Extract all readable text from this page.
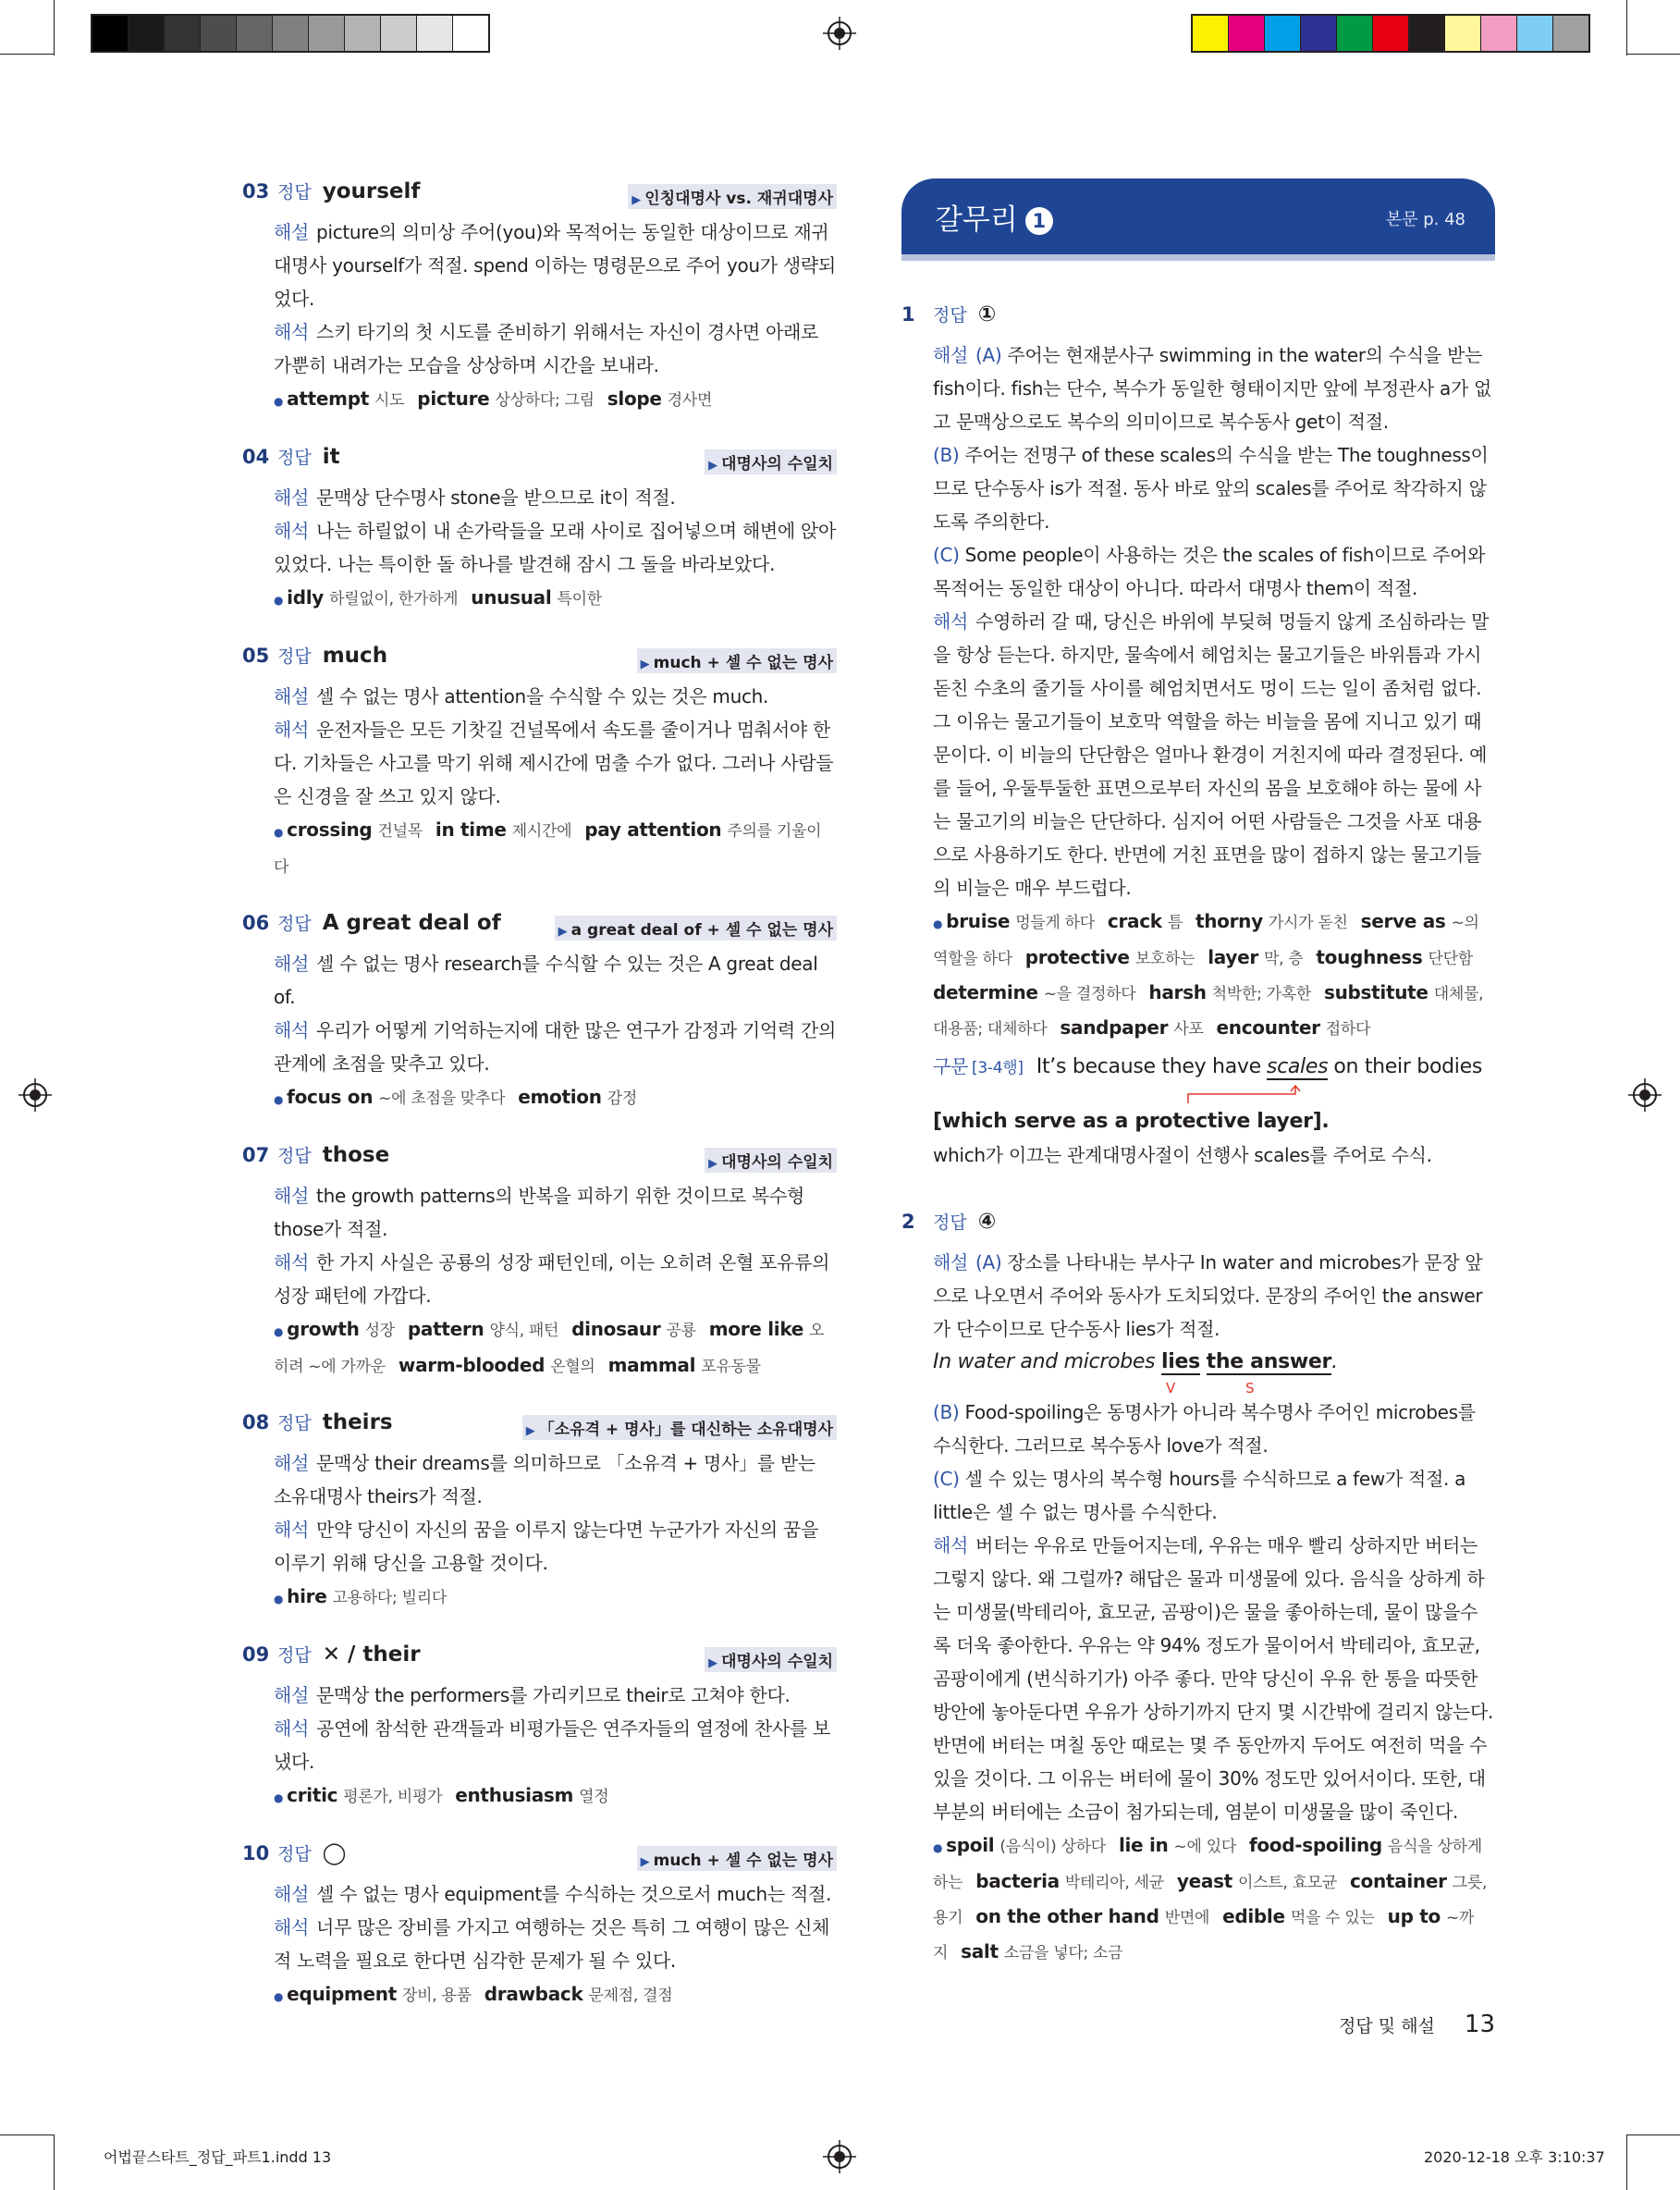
어법끝스타트_정답_파트1.indd 13	2020-12-18 오후 3:10:37
03 정답 yourself	▶ 인칭대명사 vs. 재귀대명사

해설 picture의 의미상 주어(you)와 목적어는 동일한 대상이므로 재귀대명사 yourself가 적절. spend 이하는 명령문으로 주어 you가 생략되었다.

해석 스키 타기의 첫 시도를 준비하기 위해서는 자신이 경사면 아래로 가뿐히 내려가는 모습을 상상하며 시간을 보내라.

● attempt 시도 picture 상상하다; 그림 slope 경사면
04 정답 it	▶ 대명사의 수일치

해설 문맥상 단수명사 stone을 받으므로 it이 적절.

해석 나는 하릴없이 내 손가락들을 모래 사이로 집어넣으며 해변에 앉아 있었다. 나는 특이한 돌 하나를 발견해 잠시 그 돌을 바라보았다.

● idly 하릴없이, 한가하게 unusual 특이한
05 정답 much	▶ much + 셀 수 없는 명사

해설 셀 수 없는 명사 attention을 수식할 수 있는 것은 much.

해석 운전자들은 모든 기찻길 건널목에서 속도를 줄이거나 멈춰서야 한다. 기차들은 사고를 막기 위해 제시간에 멈출 수가 없다. 그러나 사람들은 신경을 잘 쓰고 있지 않다.

● crossing 건널목 in time 제시간에 pay attention 주의를 기울이다
06 정답 A great deal of	▶ a great deal of + 셀 수 없는 명사

해설 셀 수 없는 명사 research를 수식할 수 있는 것은 A great deal of.

해석 우리가 어떻게 기억하는지에 대한 많은 연구가 감정과 기억력 간의 관계에 초점을 맞추고 있다.

● focus on ~에 초점을 맞추다 emotion 감정
07 정답 those	▶ 대명사의 수일치

해설 the growth patterns의 반복을 피하기 위한 것이므로 복수형 those가 적절.

해석 한 가지 사실은 공룡의 성장 패턴인데, 이는 오히려 온혈 포유류의 성장 패턴에 가깝다.

● growth 성장 pattern 양식, 패턴 dinosaur 공룡 more like 오히려 ~에 가까운 warm-blooded 온혈의 mammal 포유동물
08 정답 theirs	▶ 「소유격 + 명사」를 대신하는 소유대명사

해설 문맥상 their dreams를 의미하므로 「소유격 + 명사」를 받는 소유대명사 theirs가 적절.

해석 만약 당신이 자신의 꿈을 이루지 않는다면 누군가가 자신의 꿈을 이루기 위해 당신을 고용할 것이다.

● hire 고용하다; 빌리다
09 정답 ✕ / their	▶ 대명사의 수일치

해설 문맥상 the performers를 가리키므로 their로 고쳐야 한다.

해석 공연에 참석한 관객들과 비평가들은 연주자들의 열정에 찬사를 보냈다.

● critic 평론가, 비평가 enthusiasm 열정
10 정답 ◯	▶ much + 셀 수 없는 명사

해설 셀 수 없는 명사 equipment를 수식하는 것으로서 much는 적절.

해석 너무 많은 장비를 가지고 여행하는 것은 특히 그 여행이 많은 신체적 노력을 필요로 한다면 심각한 문제가 될 수 있다.

● equipment 장비, 용품 drawback 문제점, 결점
갈무리 1	본문 p. 48
1	정답 ①

해설 (A) 주어는 현재분사구 swimming in the water의 수식을 받는 fish이다. fish는 단수, 복수가 동일한 형태이지만 앞에 부정관사 a가 없고 문맥상으로도 복수의 의미이므로 복수동사 get이 적절.

(B) 주어는 전명구 of these scales의 수식을 받는 The toughness이므로 단수동사 is가 적절. 동사 바로 앞의 scales를 주어로 착각하지 않도록 주의한다.

(C) Some people이 사용하는 것은 the scales of fish이므로 주어와 목적어는 동일한 대상이 아니다. 따라서 대명사 them이 적절.

해석 수영하러 갈 때, 당신은 바위에 부딪혀 멍들지 않게 조심하라는 말을 항상 듣는다. 하지만, 물속에서 헤엄치는 물고기들은 바위틈과 가시 돋친 수초의 줄기들 사이를 헤엄치면서도 멍이 드는 일이 좀처럼 없다. 그 이유는 물고기들이 보호막 역할을 하는 비늘을 몸에 지니고 있기 때문이다. 이 비늘의 단단함은 얼마나 환경이 거친지에 따라 결정된다. 예를 들어, 우둘투둘한 표면으로부터 자신의 몸을 보호해야 하는 물에 사는 물고기의 비늘은 단단하다. 심지어 어떤 사람들은 그것을 사포 대용으로 사용하기도 한다. 반면에 거친 표면을 많이 접하지 않는 물고기들의 비늘은 매우 부드럽다.

● bruise 멍들게 하다 crack 틈 thorny 가시가 돋친 serve as ~의 역할을 하다 protective 보호하는 layer 막, 층 toughness 단단함determine ~을 결정하다 harsh 척박한; 가혹한 substitute 대체물, 대용품; 대체하다 sandpaper 사포 encounter 접하다

구문 [3-4행] It’s because they have scales on their bodies

[which serve as a protective layer].

which가 이끄는 관계대명사절이 선행사 scales를 주어로 수식.

2	정답 ④

해설 (A) 장소를 나타내는 부사구 In water and microbes가 문장 앞으로 나오면서 주어와 동사가 도치되었다. 문장의 주어인 the answer가 단수이므로 단수동사 lies가 적절.

In water and microbes lies the answer.

V	S

(B) Food-spoiling은 동명사가 아니라 복수명사 주어인 microbes를 수식한다. 그러므로 복수동사 love가 적절.

(C) 셀 수 있는 명사의 복수형 hours를 수식하므로 a few가 적절. a little은 셀 수 없는 명사를 수식한다.

해석 버터는 우유로 만들어지는데, 우유는 매우 빨리 상하지만 버터는 그렇지 않다. 왜 그럴까? 해답은 물과 미생물에 있다. 음식을 상하게 하는 미생물(박테리아, 효모균, 곰팡이)은 물을 좋아하는데, 물이 많을수록 더욱 좋아한다. 우유는 약 94% 정도가 물이어서 박테리아, 효모균, 곰팡이에게 (번식하기가) 아주 좋다. 만약 당신이 우유 한 통을 따뜻한 방안에 놓아둔다면 우유가 상하기까지 단지 몇 시간밖에 걸리지 않는다. 반면에 버터는 며칠 동안 때로는 몇 주 동안까지 두어도 여전히 먹을 수 있을 것이다. 그 이유는 버터에 물이 30% 정도만 있어서이다. 또한, 대부분의 버터에는 소금이 첨가되는데, 염분이 미생물을 많이 죽인다.

● spoil (음식이) 상하다 lie in ~에 있다 food-spoiling 음식을 상하게 하는 bacteria 박테리아, 세균 yeast 이스트, 효모균 container 그릇, 용기 on the other hand 반면에 edible 먹을 수 있는 up to ~까지 salt 소금을 넣다; 소금
정답 및 해설 13
